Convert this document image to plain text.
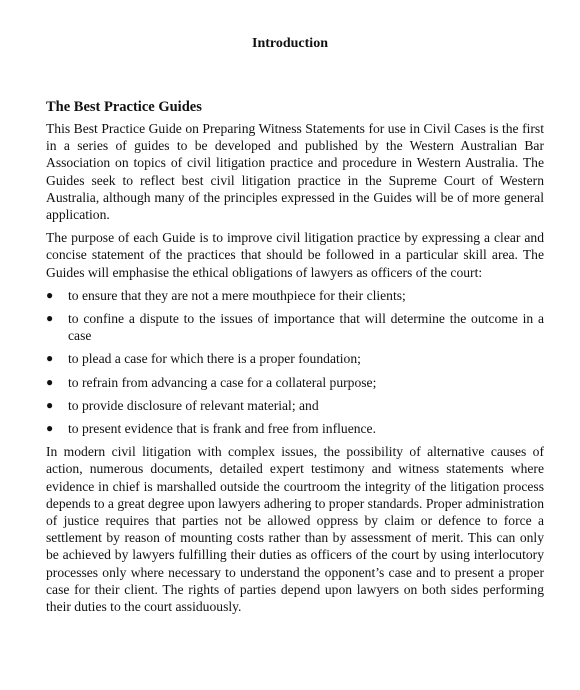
Introduction
The Best Practice Guides

This Best Practice Guide on Preparing Witness Statements for use in Civil Cases is the first in a series of guides to be developed and published by the Western Australian Bar Association on topics of civil litigation practice and procedure in Western Australia. The Guides seek to reflect best civil litigation practice in the Supreme Court of Western Australia, although many of the principles expressed in the Guides will be of more general application.

The purpose of each Guide is to improve civil litigation practice by expressing a clear and concise statement of the practices that should be followed in a particular skill area. The Guides will emphasise the ethical obligations of lawyers as officers of the court:

● to ensure that they are not a mere mouthpiece for their clients;
● to confine a dispute to the issues of importance that will determine the outcome in a case
● to plead a case for which there is a proper foundation;
● to refrain from advancing a case for a collateral purpose;
● to provide disclosure of relevant material; and
● to present evidence that is frank and free from influence.

In modern civil litigation with complex issues, the possibility of alternative causes of action, numerous documents, detailed expert testimony and witness statements where evidence in chief is marshalled outside the courtroom the integrity of the litigation process depends to a great degree upon lawyers adhering to proper standards. Proper administration of justice requires that parties not be allowed oppress by claim or defence to force a settlement by reason of mounting costs rather than by assessment of merit. This can only be achieved by lawyers fulfilling their duties as officers of the court by using interlocutory processes only where necessary to understand the opponent’s case and to present a proper case for their client. The rights of parties depend upon lawyers on both sides performing their duties to the court assiduously.
